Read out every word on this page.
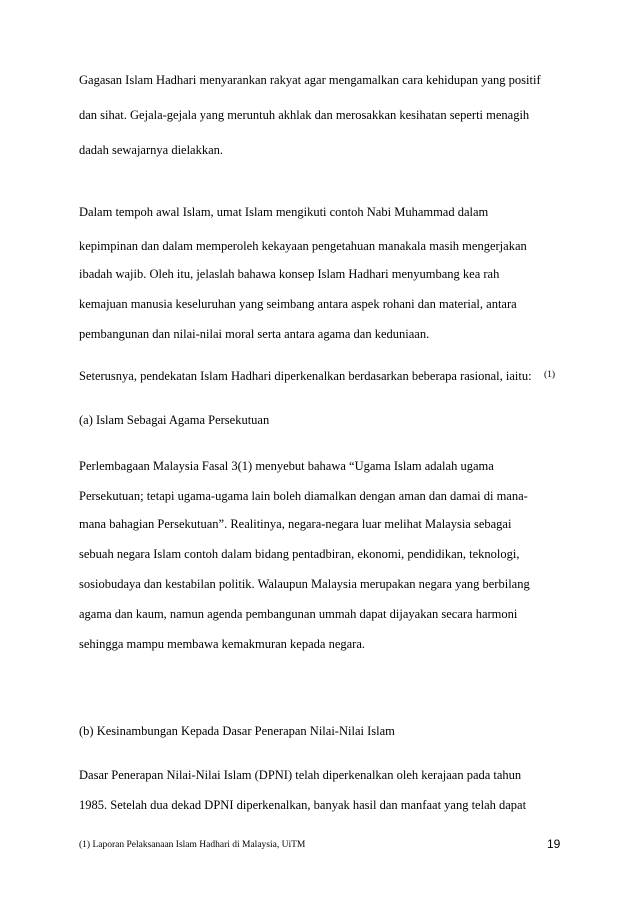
Gagasan Islam Hadhari menyarankan rakyat agar mengamalkan cara kehidupan yang positif

dan sihat. Gejala-gejala yang meruntuh akhlak dan merosakkan kesihatan seperti menagih

dadah sewajarnya dielakkan.

Dalam tempoh awal Islam, umat Islam mengikuti contoh Nabi Muhammad dalam

kepimpinan dan dalam memperoleh kekayaan pengetahuan manakala masih mengerjakan

ibadah wajib. Oleh itu, jelaslah bahawa konsep Islam Hadhari menyumbang kea rah

kemajuan manusia keseluruhan yang seimbang antara aspek rohani dan material, antara

pembangunan dan nilai-nilai moral serta antara agama dan keduniaan.

Seterusnya, pendekatan Islam Hadhari diperkenalkan berdasarkan beberapa rasional, iaitu: (1)

(a) Islam Sebagai Agama Persekutuan

Perlembagaan Malaysia Fasal 3(1) menyebut bahawa “Ugama Islam adalah ugama

Persekutuan; tetapi ugama-ugama lain boleh diamalkan dengan aman dan damai di mana-

mana bahagian Persekutuan”. Realitinya, negara-negara luar melihat Malaysia sebagai

sebuah negara Islam contoh dalam bidang pentadbiran, ekonomi, pendidikan, teknologi,

sosiobudaya dan kestabilan politik. Walaupun Malaysia merupakan negara yang berbilang

agama dan kaum, namun agenda pembangunan ummah dapat dijayakan secara harmoni

sehingga mampu membawa kemakmuran kepada negara.

(b) Kesinambungan Kepada Dasar Penerapan Nilai-Nilai Islam

Dasar Penerapan Nilai-Nilai Islam (DPNI) telah diperkenalkan oleh kerajaan pada tahun

1985. Setelah dua dekad DPNI diperkenalkan, banyak hasil dan manfaat yang telah dapat

(1) Laporan Pelaksanaan Islam Hadhari di Malaysia, UiTM	19
